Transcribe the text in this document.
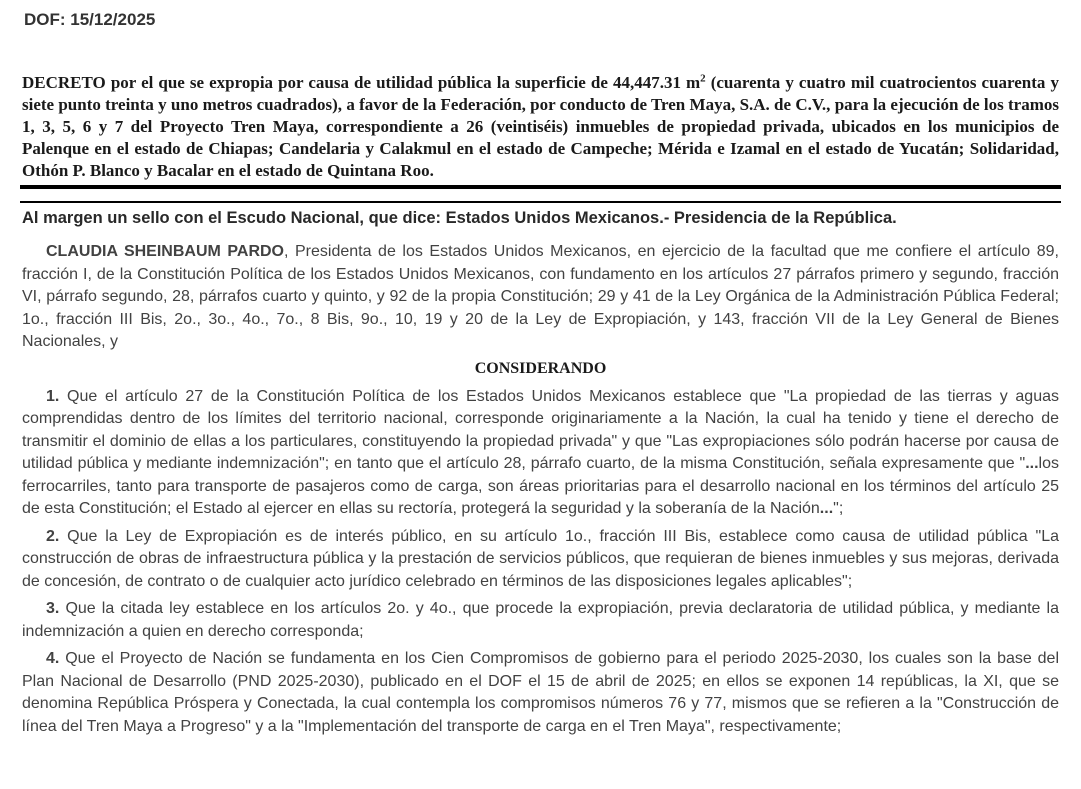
DOF: 15/12/2025

DECRETO por el que se expropia por causa de utilidad pública la superficie de 44,447.31 $m^2$ (cuarenta y cuatro mil cuatrocientos cuarenta y siete punto treinta y uno metros cuadrados), a favor de la Federación, por conducto de Tren Maya, S.A. de C.V., para la ejecución de los tramos 1, 3, 5, 6 y 7 del Proyecto Tren Maya, correspondiente a 26 (veintiséis) inmuebles de propiedad privada, ubicados en los municipios de Palenque en el estado de Chiapas; Candelaria y Calakmul en el estado de Campeche; Mérida e Izamal en el estado de Yucatán; Solidaridad, Othón P. Blanco y Bacalar en el estado de Quintana Roo.

Al margen un sello con el Escudo Nacional, que dice: Estados Unidos Mexicanos.- Presidencia de la República.

CLAUDIA SHEINBAUM PARDO, Presidenta de los Estados Unidos Mexicanos, en ejercicio de la facultad que me confiere el artículo 89, fracción I, de la Constitución Política de los Estados Unidos Mexicanos, con fundamento en los artículos 27 párrafos primero y segundo, fracción VI, párrafo segundo, 28, párrafos cuarto y quinto, y 92 de la propia Constitución; 29 y 41 de la Ley Orgánica de la Administración Pública Federal; 1o., fracción III Bis, 2o., 3o., 4o., 7o., 8 Bis, 9o., 10, 19 y 20 de la Ley de Expropiación, y 143, fracción VII de la Ley General de Bienes Nacionales, y

CONSIDERANDO

1. Que el artículo 27 de la Constitución Política de los Estados Unidos Mexicanos establece que "La propiedad de las tierras y aguas comprendidas dentro de los límites del territorio nacional, corresponde originariamente a la Nación, la cual ha tenido y tiene el derecho de transmitir el dominio de ellas a los particulares, constituyendo la propiedad privada" y que "Las expropiaciones sólo podrán hacerse por causa de utilidad pública y mediante indemnización"; en tanto que el artículo 28, párrafo cuarto, de la misma Constitución, señala expresamente que "...los ferrocarriles, tanto para transporte de pasajeros como de carga, son áreas prioritarias para el desarrollo nacional en los términos del artículo 25 de esta Constitución; el Estado al ejercer en ellas su rectoría, protegerá la seguridad y la soberanía de la Nación...";

2. Que la Ley de Expropiación es de interés público, en su artículo 1o., fracción III Bis, establece como causa de utilidad pública "La construcción de obras de infraestructura pública y la prestación de servicios públicos, que requieran de bienes inmuebles y sus mejoras, derivada de concesión, de contrato o de cualquier acto jurídico celebrado en términos de las disposiciones legales aplicables";

3. Que la citada ley establece en los artículos 2o. y 4o., que procede la expropiación, previa declaratoria de utilidad pública, y mediante la indemnización a quien en derecho corresponda;

4. Que el Proyecto de Nación se fundamenta en los Cien Compromisos de gobierno para el periodo 2025-2030, los cuales son la base del Plan Nacional de Desarrollo (PND 2025-2030), publicado en el DOF el 15 de abril de 2025; en ellos se exponen 14 repúblicas, la XI, que se denomina República Próspera y Conectada, la cual contempla los compromisos números 76 y 77, mismos que se refieren a la "Construcción de línea del Tren Maya a Progreso" y a la "Implementación del transporte de carga en el Tren Maya", respectivamente;
